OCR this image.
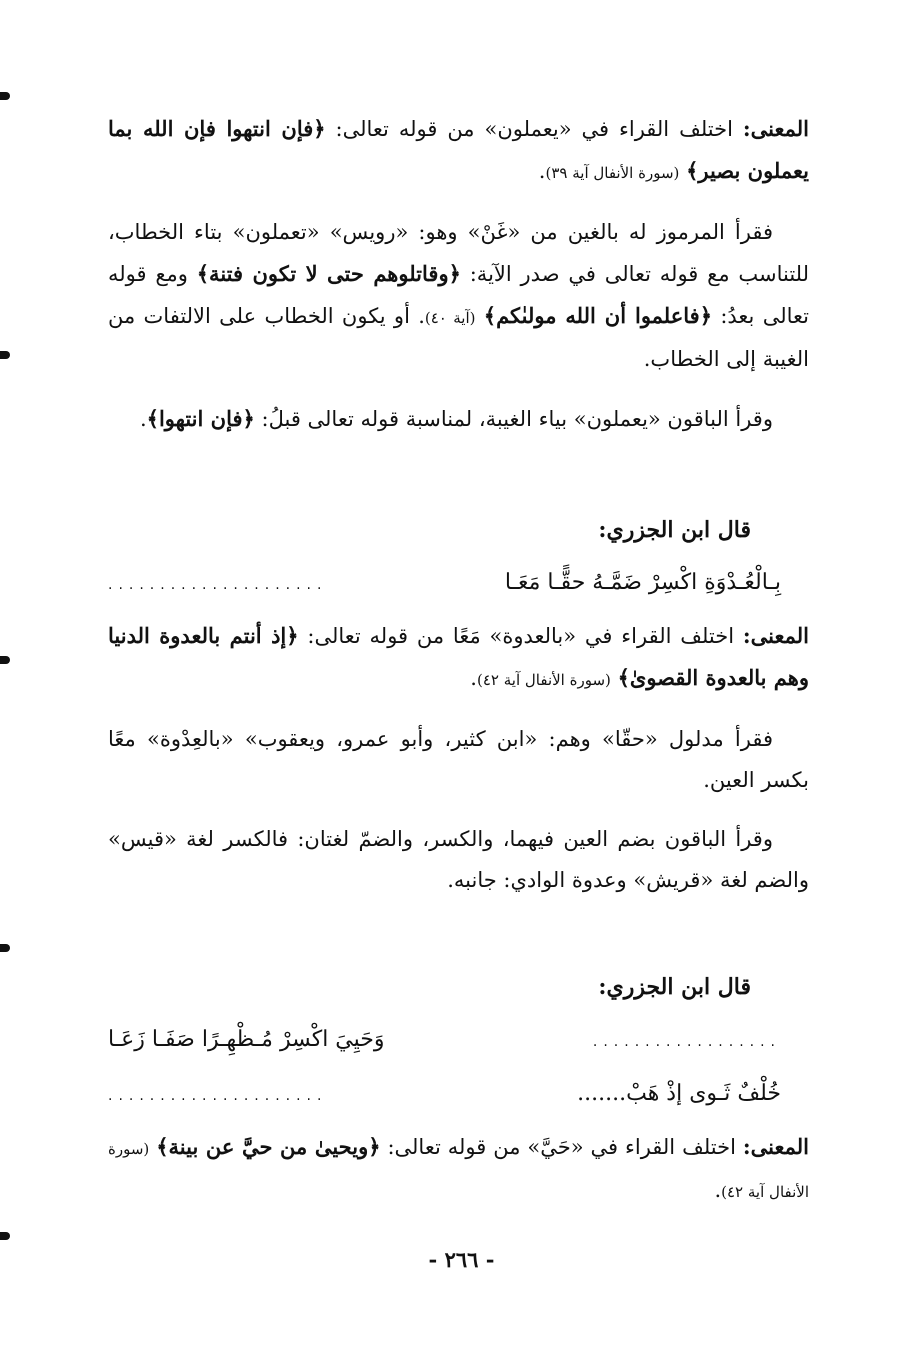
المعنى: اختلف القراء في «يعملون» من قوله تعالى: ﴿فإن انتهوا فإن الله بما يعملون بصير﴾ (سورة الأنفال آية ٣٩).

فقرأ المرموز له بالغين من «غَنْ» وهو: «رويس» «تعملون» بتاء الخطاب، للتناسب مع قوله تعالى في صدر الآية: ﴿وقاتلوهم حتى لا تكون فتنة﴾ ومع قوله تعالى بعدُ: ﴿فاعلموا أن الله مولىٰكم﴾ (آية ٤٠). أو يكون الخطاب على الالتفات من الغيبة إلى الخطاب.

وقرأ الباقون «يعملون» بياء الغيبة، لمناسبة قوله تعالى قبلُ: ﴿فإن انتهوا﴾.

قال ابن الجزري:
بِـالْعُـدْوَةِ اكْسِرْ ضَمَّـهُ حقًّـا مَعَـا
.....................

المعنى: اختلف القراء في «بالعدوة» مَعًا من قوله تعالى: ﴿إذ أنتم بالعدوة الدنيا وهم بالعدوة القصوىٰ﴾ (سورة الأنفال آية ٤٢).

فقرأ مدلول «حقّا» وهم: «ابن كثير، وأبو عمرو، ويعقوب» «بالعِدْوة» معًا بكسر العين.

وقرأ الباقون بضم العين فيهما، والكسر، والضمّ لغتان: فالكسر لغة «قيس» والضم لغة «قريش» وعدوة الوادي: جانبه.

قال ابن الجزري:
..................
وَحَيِيَ اكْسِرْ مُـظْهِـرًا صَفَـا زَعَـا
خُلْفٌ ثَـوى إذْ هَبْ.......
.....................

المعنى: اختلف القراء في «حَيَّ» من قوله تعالى: ﴿ويحيىٰ من حيَّ عن بينة﴾ (سورة الأنفال آية ٤٢).

- ٢٦٦ -
